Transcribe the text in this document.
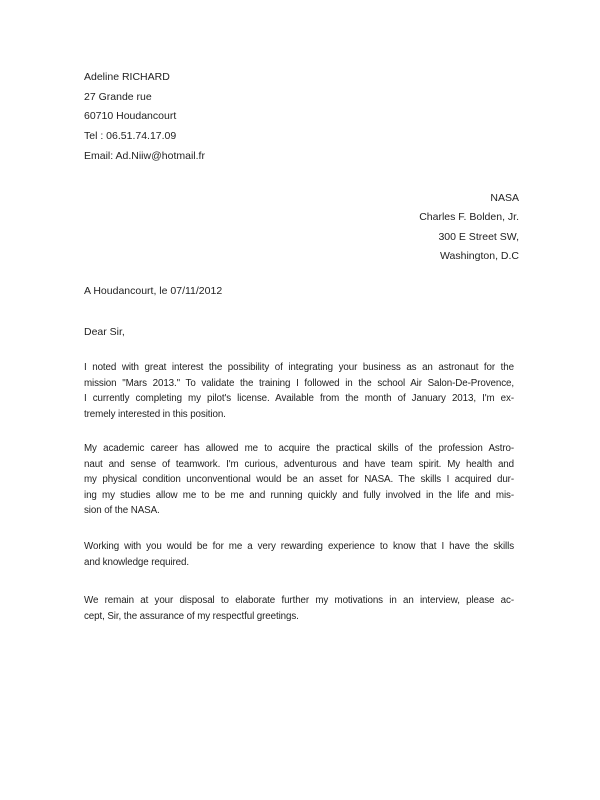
Adeline RICHARD
27 Grande rue
60710 Houdancourt
Tel : 06.51.74.17.09
Email: Ad.Niiw@hotmail.fr
NASA
Charles F. Bolden, Jr.
300 E Street SW,
Washington, D.C
A Houdancourt, le 07/11/2012
Dear Sir,
I noted with great interest the possibility of integrating your business as an astronaut for the
mission "Mars 2013." To validate the training I followed in the school Air Salon-De-Provence,
I currently completing my pilot's license. Available from the month of January 2013, I'm ex-
tremely interested in this position.
My academic career has allowed me to acquire the practical skills of the profession Astro-
naut and sense of teamwork. I'm curious, adventurous and have team spirit. My health and
my physical condition unconventional would be an asset for NASA. The skills I acquired dur-
ing my studies allow me to be me and running quickly and fully involved in the life and mis-
sion of the NASA.
Working with you would be for me a very rewarding experience to know that I have the skills
and knowledge required.
We remain at your disposal to elaborate further my motivations in an interview, please ac-
cept, Sir, the assurance of my respectful greetings.
